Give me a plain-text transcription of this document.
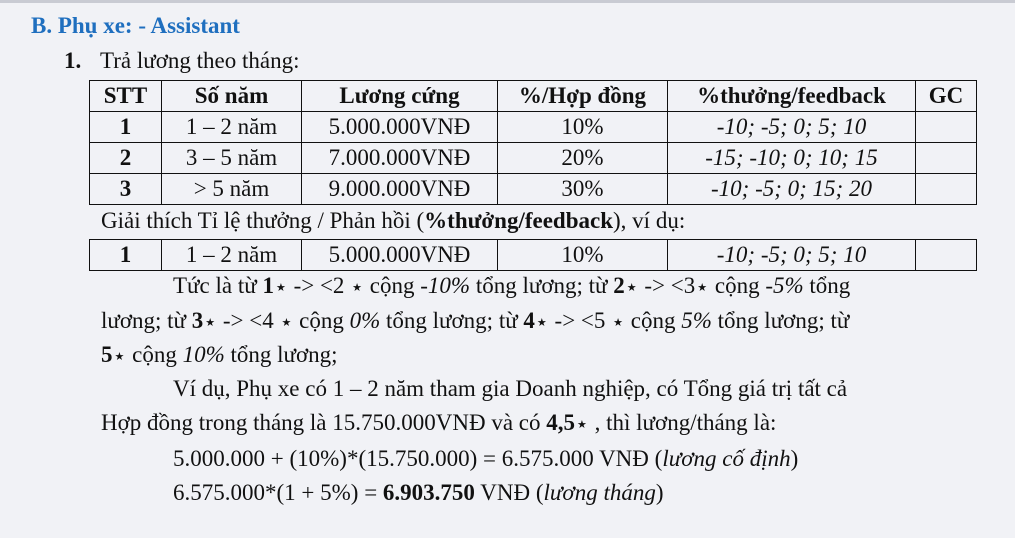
B. Phụ xe: - Assistant
1. Trả lương theo tháng:
STT	Số năm	Lương cứng	%/Hợp đồng	%thưởng/feedback	GC
1	1 – 2 năm	5.000.000VNĐ	10%	-10; -5; 0; 5; 10	
2	3 – 5 năm	7.000.000VNĐ	20%	-15; -10; 0; 10; 15	
3	> 5 năm	9.000.000VNĐ	30%	-10; -5; 0; 15; 20	
Giải thích Tỉ lệ thưởng / Phản hồi (%thưởng/feedback), ví dụ:
1	1 – 2 năm	5.000.000VNĐ	10%	-10; -5; 0; 5; 10	
Tức là từ 1 ★ -> <2 ★ cộng -10% tổng lương; từ 2 ★ -> <3 ★ cộng -5% tổng
lương; từ 3 ★ -> <4 ★ cộng 0% tổng lương; từ 4 ★ -> <5 ★ cộng 5% tổng lương; từ
5 ★ cộng 10% tổng lương;
Ví dụ, Phụ xe có 1 – 2 năm tham gia Doanh nghiệp, có Tổng giá trị tất cả
Hợp đồng trong tháng là 15.750.000VNĐ và có 4,5 ★ , thì lương/tháng là:
5.000.000 + (10%)*(15.750.000) = 6.575.000 VNĐ (lương cố định)
6.575.000*(1 + 5%) = 6.903.750 VNĐ (lương tháng)
